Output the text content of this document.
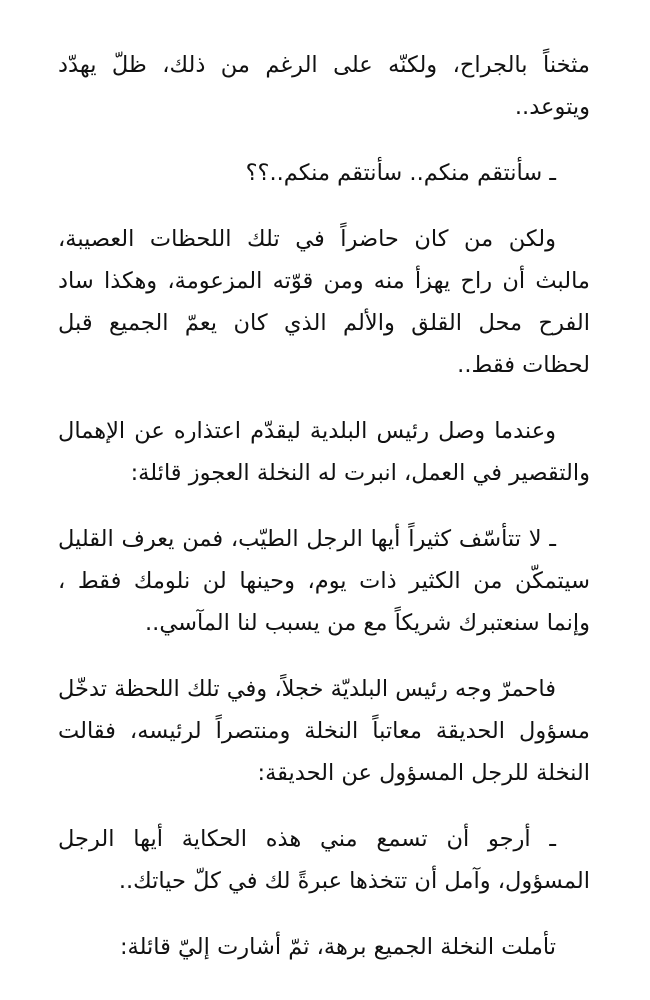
مثخناً بالجراح، ولكنّه على الرغم من ذلك، ظلّ يهدّد ويتوعد..

ـ سأنتقم منكم.. سأنتقم منكم..؟؟

ولكن من كان حاضراً في تلك اللحظات العصيبة، مالبث أن راح يهزأ منه ومن قوّته المزعومة، وهكذا ساد الفرح محل القلق والألم الذي كان يعمّ الجميع قبل لحظات فقط..

وعندما وصل رئيس البلدية ليقدّم اعتذاره عن الإهمال والتقصير في العمل، انبرت له النخلة العجوز قائلة:

ـ لا تتأسّف كثيراً أيها الرجل الطيّب، فمن يعرف القليل سيتمكّن من الكثير ذات يوم، وحينها لن نلومك فقط ، وإنما سنعتبرك شريكاً مع من يسبب لنا المآسي..

فاحمرّ وجه رئيس البلديّة خجلاً، وفي تلك اللحظة تدخّل مسؤول الحديقة معاتباً النخلة ومنتصراً لرئيسه، فقالت النخلة للرجل المسؤول عن الحديقة:

ـ أرجو أن تسمع مني هذه الحكاية أيها الرجل المسؤول، وآمل أن تتخذها عبرةً لك في كلّ حياتك..

تأملت النخلة الجميع برهة، ثمّ أشارت إليّ قائلة:
